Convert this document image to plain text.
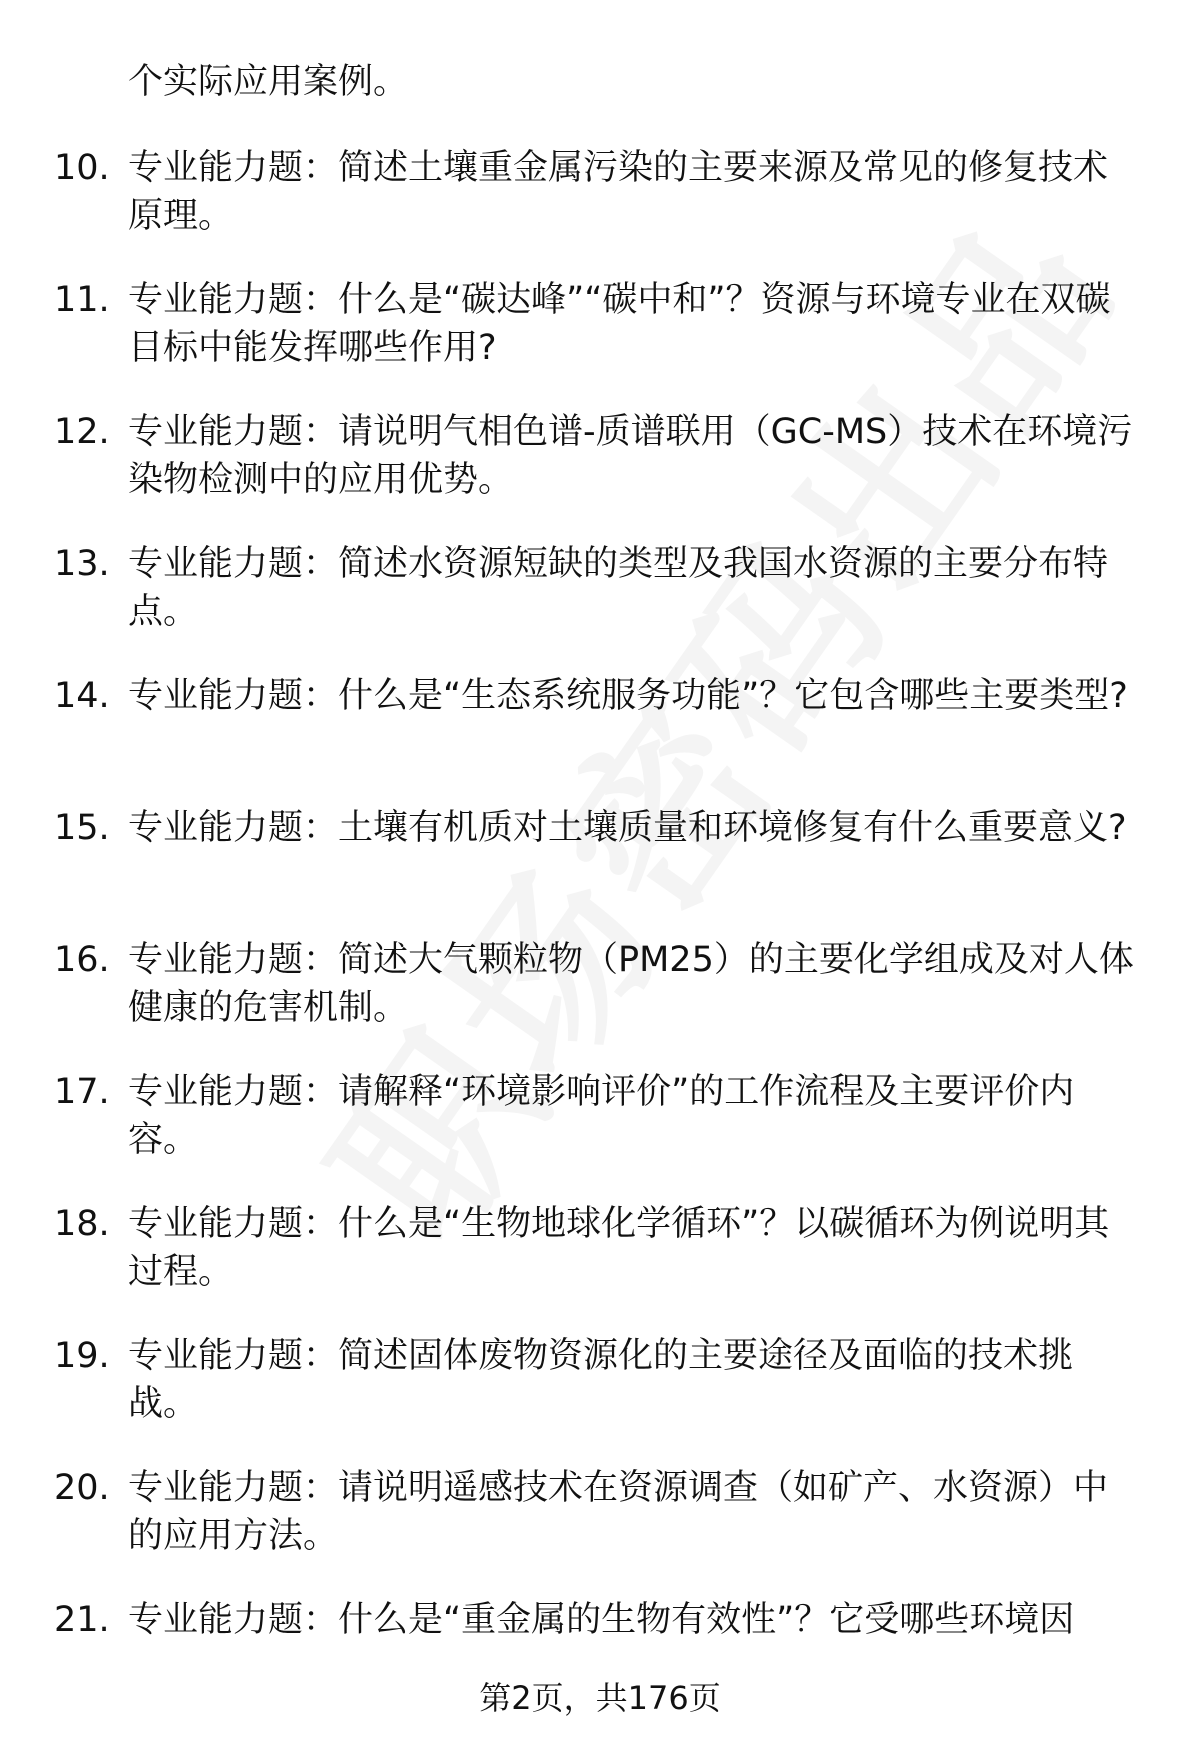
个实际应用案例。
10. 专业能力题：简述土壤重金属污染的主要来源及常见的修复技术原理。
11. 专业能力题：什么是“碳达峰”“碳中和”？资源与环境专业在双碳目标中能发挥哪些作用?
12. 专业能力题：请说明气相色谱-质谱联用（GC-MS）技术在环境污染物检测中的应用优势。
13. 专业能力题：简述水资源短缺的类型及我国水资源的主要分布特点。
14. 专业能力题：什么是“生态系统服务功能”？它包含哪些主要类型?
15. 专业能力题：土壤有机质对土壤质量和环境修复有什么重要意义?
16. 专业能力题：简述大气颗粒物（PM25）的主要化学组成及对人体健康的危害机制。
17. 专业能力题：请解释“环境影响评价”的工作流程及主要评价内容。
18. 专业能力题：什么是“生物地球化学循环”？以碳循环为例说明其过程。
19. 专业能力题：简述固体废物资源化的主要途径及面临的技术挑战。
20. 专业能力题：请说明遥感技术在资源调查（如矿产、水资源）中的应用方法。
21. 专业能力题：什么是“重金属的生物有效性”？它受哪些环境因
第2页，共176页
